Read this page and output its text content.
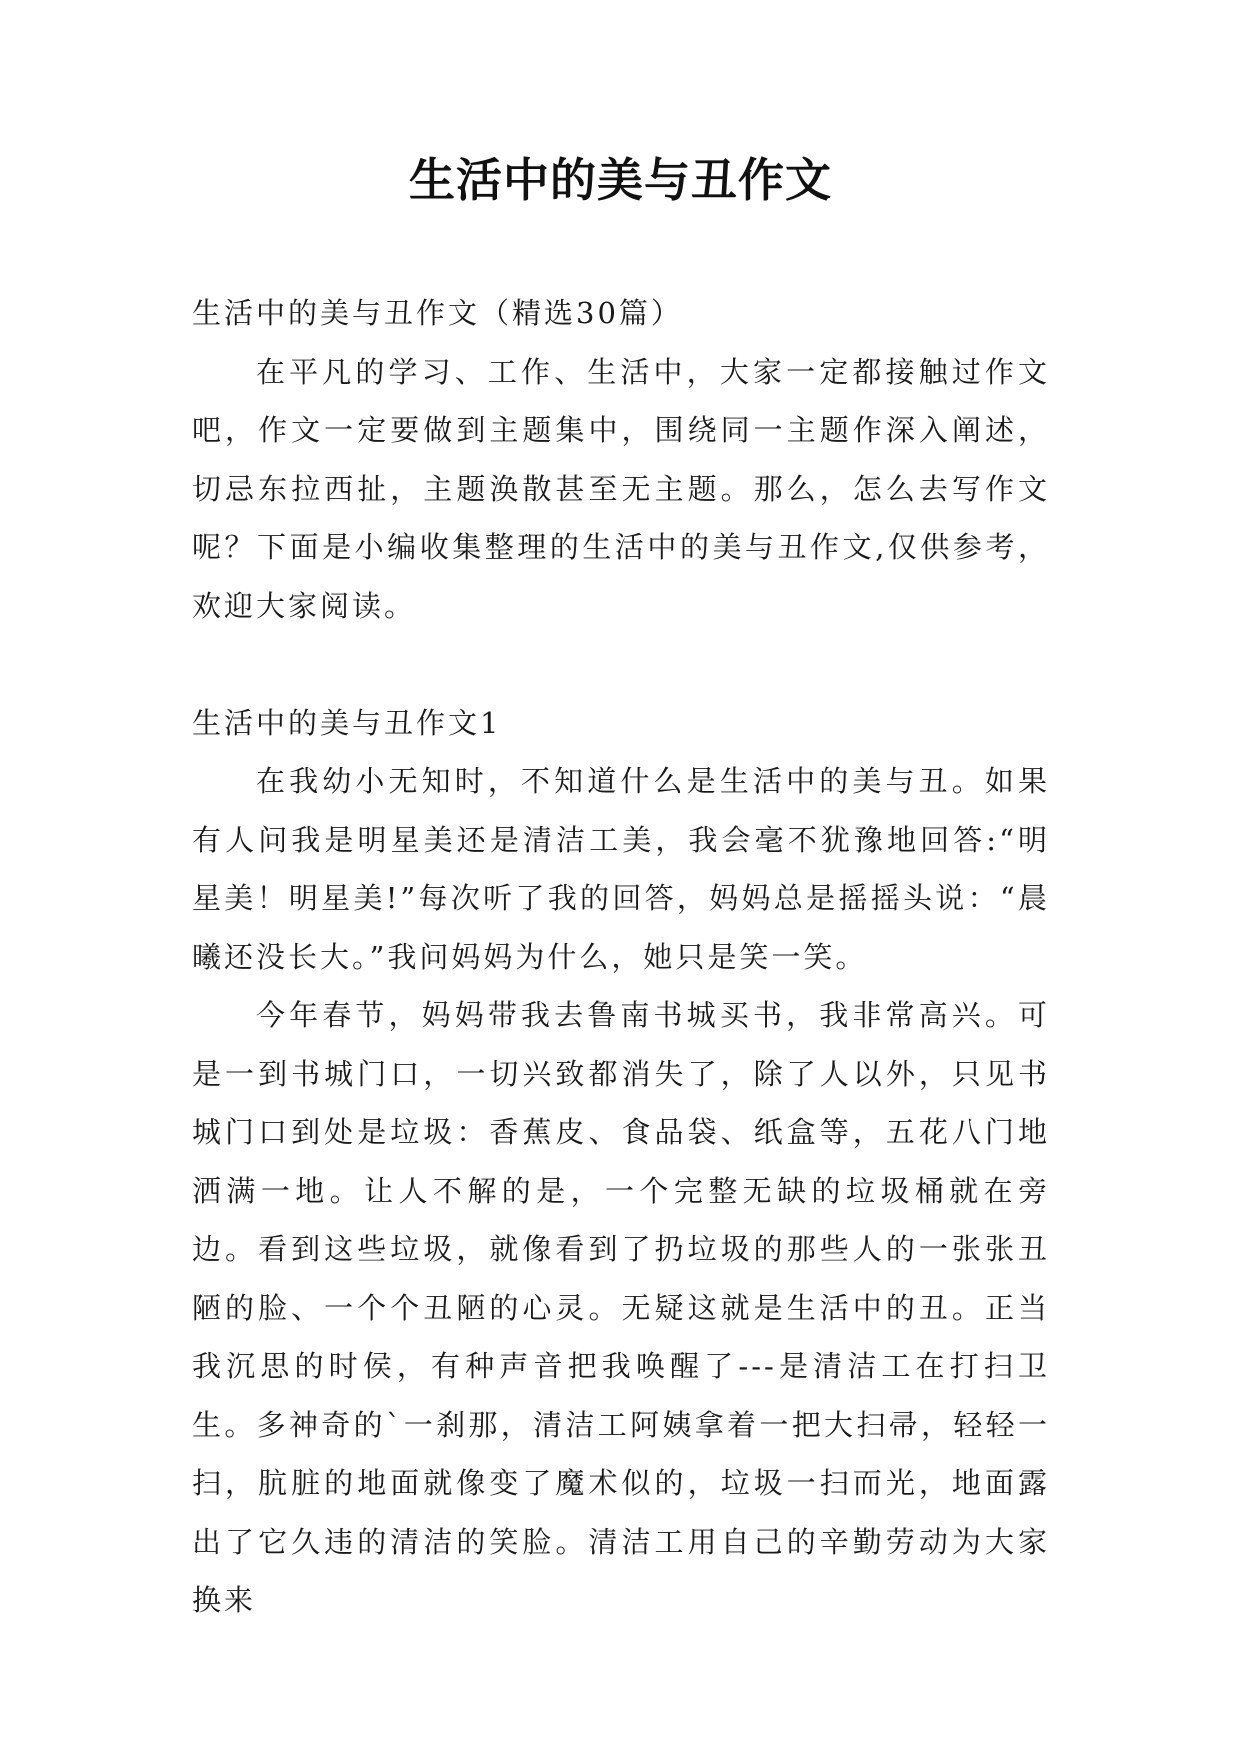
生活中的美与丑作文
生活中的美与丑作文（精选30篇）

在平凡的学习、工作、生活中，大家一定都接触过作文吧，作文一定要做到主题集中，围绕同一主题作深入阐述，切忌东拉西扯，主题涣散甚至无主题。那么，怎么去写作文呢？下面是小编收集整理的生活中的美与丑作文,仅供参考，欢迎大家阅读。

生活中的美与丑作文1

在我幼小无知时，不知道什么是生活中的美与丑。如果有人问我是明星美还是清洁工美，我会毫不犹豫地回答:“明星美！明星美!”每次听了我的回答，妈妈总是摇摇头说：“晨曦还没长大。”我问妈妈为什么，她只是笑一笑。

今年春节，妈妈带我去鲁南书城买书，我非常高兴。可是一到书城门口，一切兴致都消失了，除了人以外，只见书城门口到处是垃圾：香蕉皮、食品袋、纸盒等，五花八门地洒满一地。让人不解的是，一个完整无缺的垃圾桶就在旁边。看到这些垃圾，就像看到了扔垃圾的那些人的一张张丑陋的脸、一个个丑陋的心灵。无疑这就是生活中的丑。正当我沉思的时侯，有种声音把我唤醒了---是清洁工在打扫卫生。多神奇的`一刹那，清洁工阿姨拿着一把大扫帚，轻轻一扫，肮脏的地面就像变了魔术似的，垃圾一扫而光，地面露出了它久违的清洁的笑脸。清洁工用自己的辛勤劳动为大家换来
